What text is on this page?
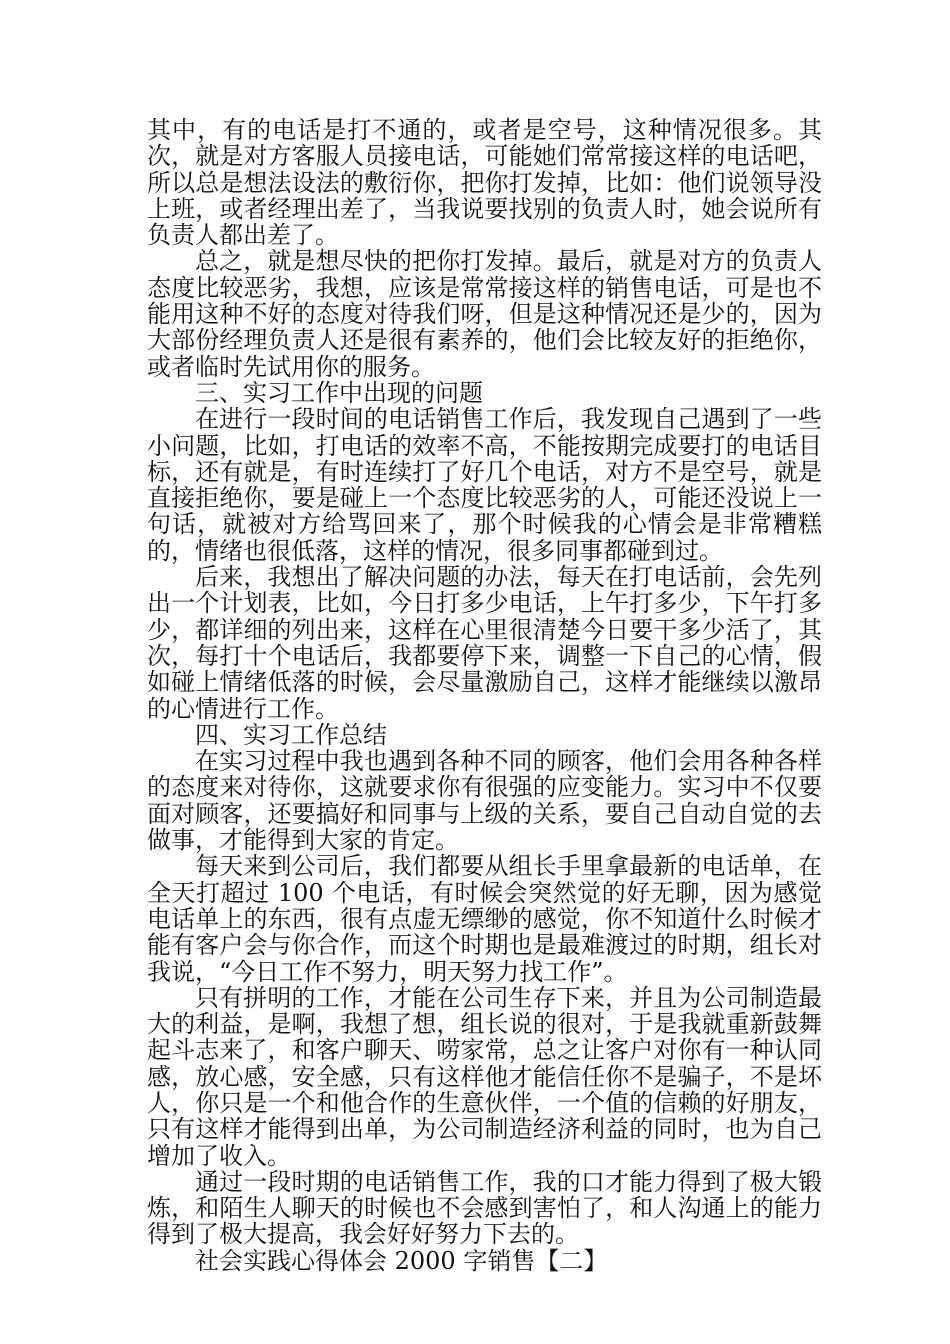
其中，有的电话是打不通的，或者是空号，这种情况很多。其次，就是对方客服人员接电话，可能她们常常接这样的电话吧，所以总是想法设法的敷衍你，把你打发掉，比如：他们说领导没上班，或者经理出差了，当我说要找别的负责人时，她会说所有负责人都出差了。

总之，就是想尽快的把你打发掉。最后，就是对方的负责人态度比较恶劣，我想，应该是常常接这样的销售电话，可是也不能用这种不好的态度对待我们呀，但是这种情况还是少的，因为大部份经理负责人还是很有素养的，他们会比较友好的拒绝你，或者临时先试用你的服务。

三、实习工作中出现的问题

在进行一段时间的电话销售工作后，我发现自己遇到了一些小问题，比如，打电话的效率不高，不能按期完成要打的电话目标，还有就是，有时连续打了好几个电话，对方不是空号，就是直接拒绝你，要是碰上一个态度比较恶劣的人，可能还没说上一句话，就被对方给骂回来了，那个时候我的心情会是非常糟糕的，情绪也很低落，这样的情况，很多同事都碰到过。

后来，我想出了解决问题的办法，每天在打电话前，会先列出一个计划表，比如，今日打多少电话，上午打多少，下午打多少，都详细的列出来，这样在心里很清楚今日要干多少活了，其次，每打十个电话后，我都要停下来，调整一下自己的心情，假如碰上情绪低落的时候，会尽量激励自己，这样才能继续以激昂的心情进行工作。

四、实习工作总结

在实习过程中我也遇到各种不同的顾客，他们会用各种各样的态度来对待你，这就要求你有很强的应变能力。实习中不仅要面对顾客，还要搞好和同事与上级的关系，要自己自动自觉的去做事，才能得到大家的肯定。

每天来到公司后，我们都要从组长手里拿最新的电话单，在全天打超过 100 个电话，有时候会突然觉的好无聊，因为感觉电话单上的东西，很有点虚无缥缈的感觉，你不知道什么时候才能有客户会与你合作，而这个时期也是最难渡过的时期，组长对我说，“今日工作不努力，明天努力找工作”。

只有拼明的工作，才能在公司生存下来，并且为公司制造最大的利益，是啊，我想了想，组长说的很对，于是我就重新鼓舞起斗志来了，和客户聊天、唠家常，总之让客户对你有一种认同感，放心感，安全感，只有这样他才能信任你不是骗子，不是坏人，你只是一个和他合作的生意伙伴，一个值的信赖的好朋友，只有这样才能得到出单，为公司制造经济利益的同时，也为自己增加了收入。

通过一段时期的电话销售工作，我的口才能力得到了极大锻炼，和陌生人聊天的时候也不会感到害怕了，和人沟通上的能力得到了极大提高，我会好好努力下去的。

社会实践心得体会 2000 字销售【二】
